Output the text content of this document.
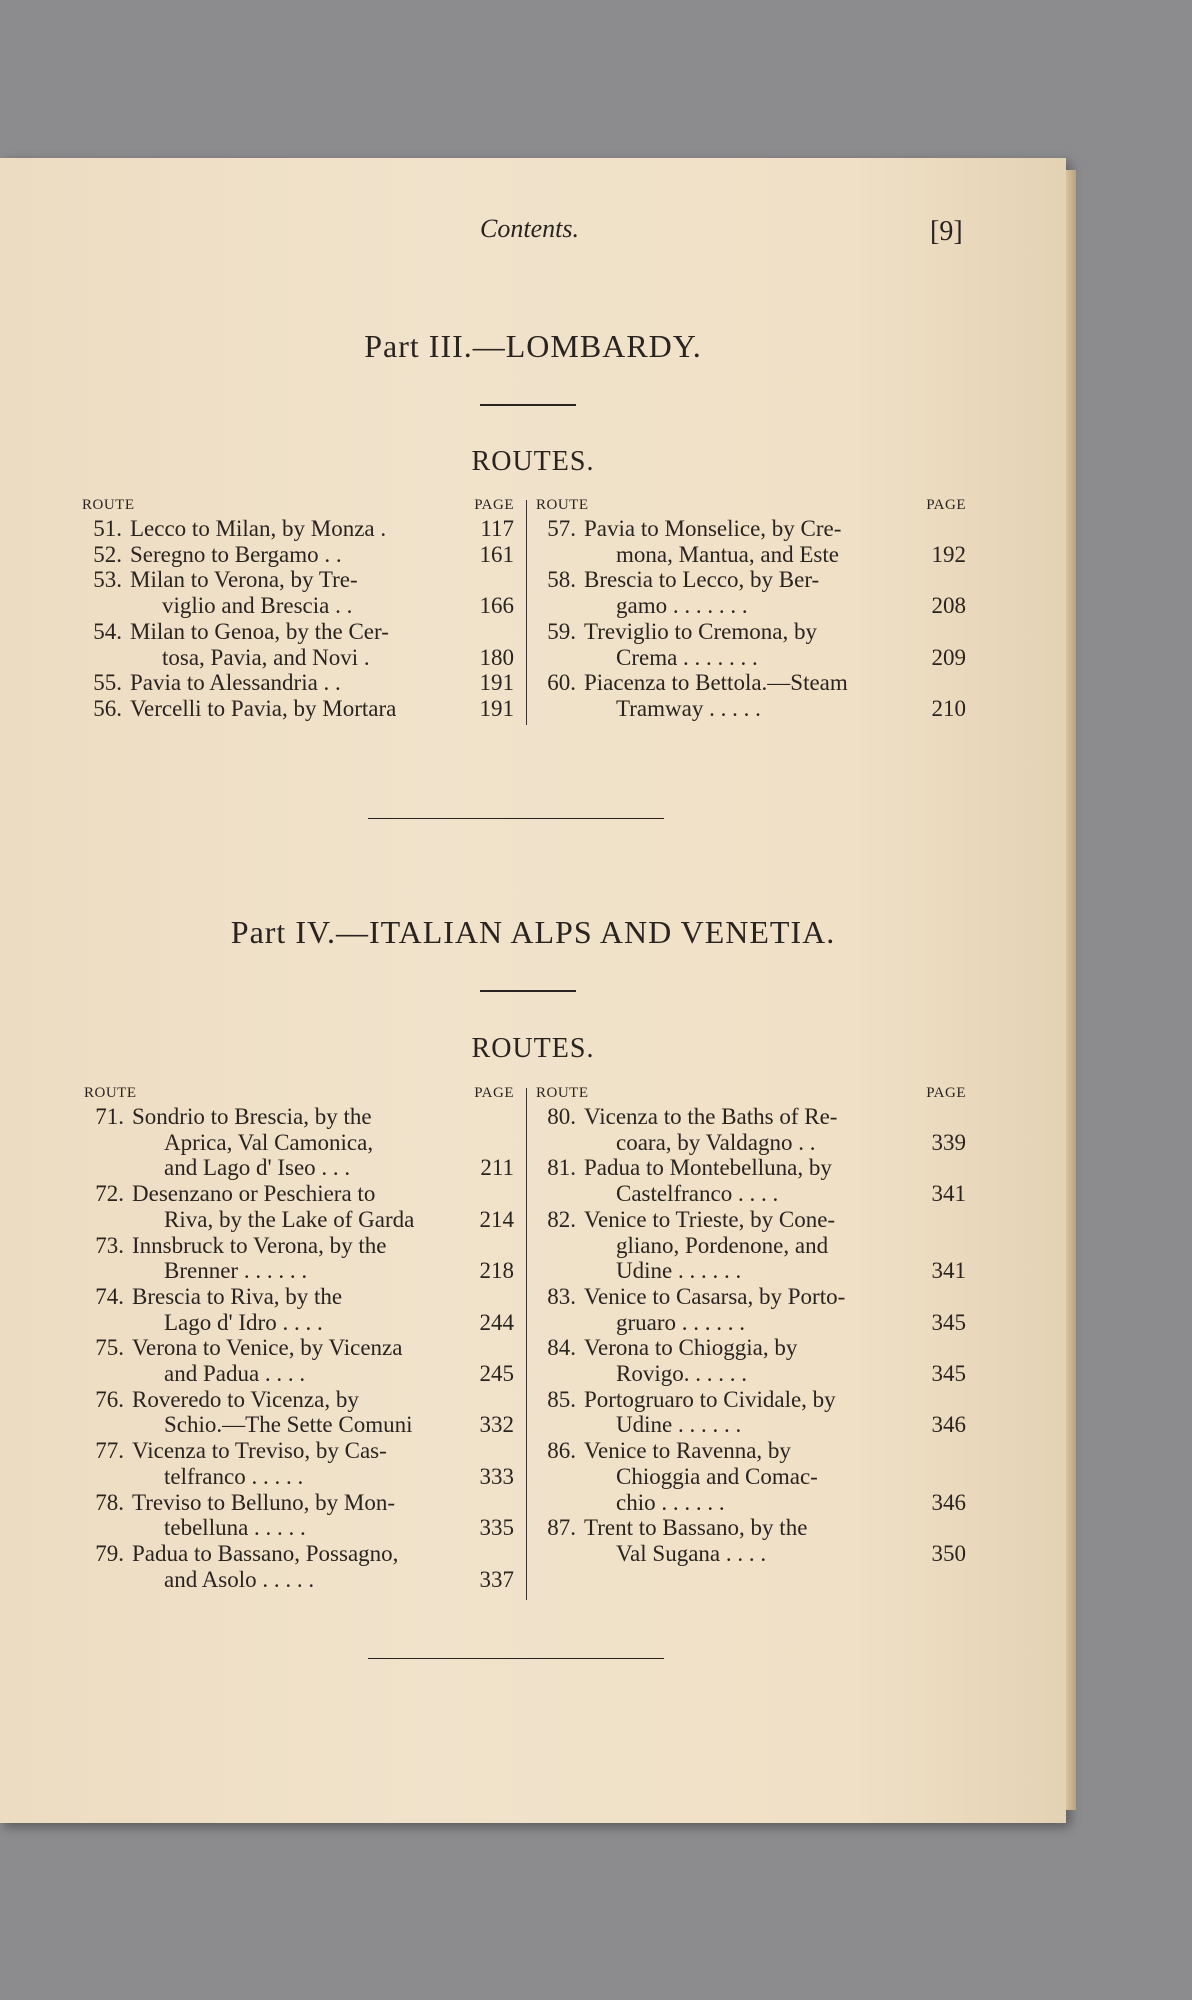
Contents.	[9]
Part III.—LOMBARDY.
ROUTES.
ROUTE	PAGE
51. Lecco to Milan, by Monza .	117
52. Seregno to Bergamo . .	161
53. Milan to Verona, by Tre-
viglio and Brescia . .	166
54. Milan to Genoa, by the Cer-
tosa, Pavia, and Novi .	180
55. Pavia to Alessandria . .	191
56. Vercelli to Pavia, by Mortara	191
ROUTE	PAGE
57. Pavia to Monselice, by Cre-
mona, Mantua, and Este	192
58. Brescia to Lecco, by Ber-
gamo . . . . . . .	208
59. Treviglio to Cremona, by
Crema . . . . . . .	209
60. Piacenza to Bettola.—Steam
Tramway . . . . .	210
Part IV.—ITALIAN ALPS AND VENETIA.
ROUTES.
ROUTE	PAGE
71. Sondrio to Brescia, by the
Aprica, Val Camonica,
and Lago d' Iseo . . .	211
72. Desenzano or Peschiera to
Riva, by the Lake of Garda	214
73. Innsbruck to Verona, by the
Brenner . . . . . .	218
74. Brescia to Riva, by the
Lago d' Idro . . . .	244
75. Verona to Venice, by Vicenza
and Padua . . . .	245
76. Roveredo to Vicenza, by
Schio.—The Sette Comuni	332
77. Vicenza to Treviso, by Cas-
telfranco . . . . .	333
78. Treviso to Belluno, by Mon-
tebelluna . . . . .	335
79. Padua to Bassano, Possagno,
and Asolo . . . . .	337
ROUTE	PAGE
80. Vicenza to the Baths of Re-
coara, by Valdagno . .	339
81. Padua to Montebelluna, by
Castelfranco . . . .	341
82. Venice to Trieste, by Cone-
gliano, Pordenone, and
Udine . . . . . .	341
83. Venice to Casarsa, by Porto-
gruaro . . . . . .	345
84. Verona to Chioggia, by
Rovigo. . . . . .	345
85. Portogruaro to Cividale, by
Udine . . . . . .	346
86. Venice to Ravenna, by
Chioggia and Comac-
chio . . . . . .	346
87. Trent to Bassano, by the
Val Sugana . . . .	350
